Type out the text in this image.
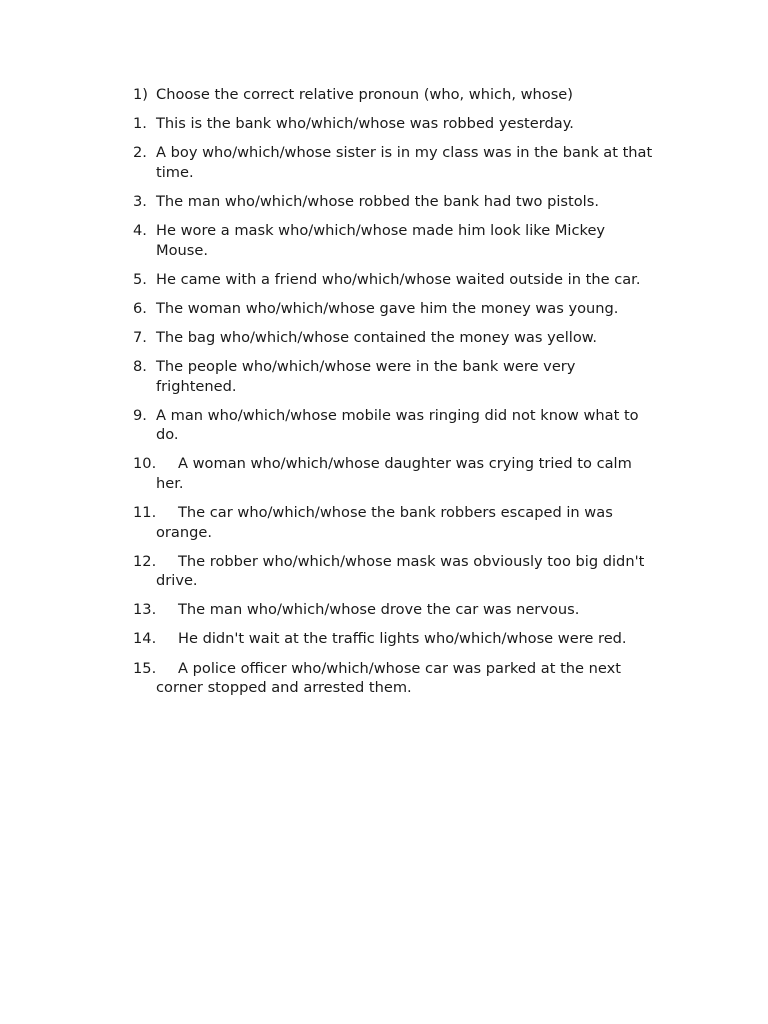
1) Choose the correct relative pronoun (who, which, whose)
1. This is the bank who/which/whose was robbed yesterday.
2. A boy who/which/whose sister is in my class was in the bank at that time.
3. The man who/which/whose robbed the bank had two pistols.
4. He wore a mask who/which/whose made him look like Mickey Mouse.
5. He came with a friend who/which/whose waited outside in the car.
6. The woman who/which/whose gave him the money was young.
7. The bag who/which/whose contained the money was yellow.
8. The people who/which/whose were in the bank were very frightened.
9. A man who/which/whose mobile was ringing did not know what to do.
10. A woman who/which/whose daughter was crying tried to calm her.
11. The car who/which/whose the bank robbers escaped in was orange.
12. The robber who/which/whose mask was obviously too big didn't drive.
13. The man who/which/whose drove the car was nervous.
14. He didn't wait at the traffic lights who/which/whose were red.
15. A police officer who/which/whose car was parked at the next corner stopped and arrested them.
